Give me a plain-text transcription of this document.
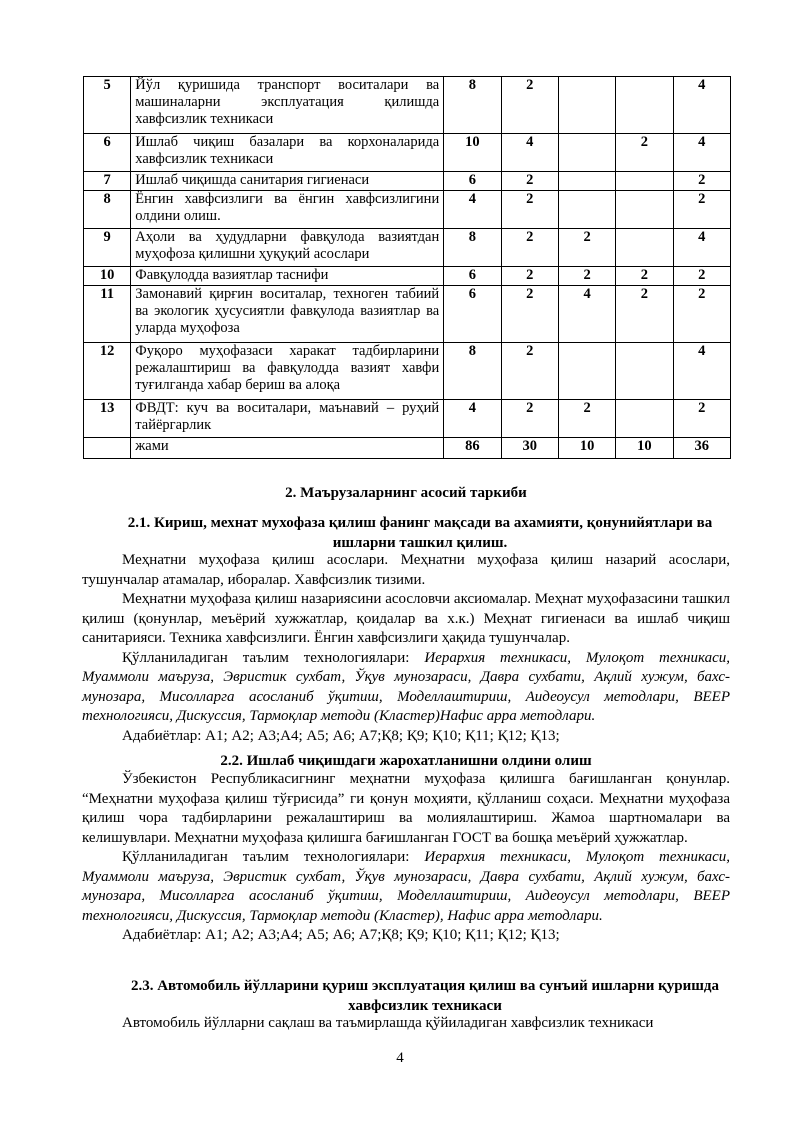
5	Йўл қуришида транспорт воситалари ва машиналарни эксплуатация қилишда хавфсизлик техникаси	8	2			4
6	Ишлаб чиқиш базалари ва корхоналарида хавфсизлик техникаси	10	4		2	4
7	Ишлаб чиқишда санитария гигиенаси	6	2			2
8	Ёнгин хавфсизлиги ва ёнгин хавфсизлигини олдини олиш.	4	2			2
9	Аҳоли ва ҳудудларни фавқулода вазиятдан муҳофоза қилишни ҳуқуқий асослари	8	2	2		4
10	Фавқулодда вазиятлар таснифи	6	2	2	2	2
11	Замонавий қирғин воситалар, техноген табиий ва экологик ҳусусиятли фавқулода вазиятлар ва уларда муҳофоза	6	2	4	2	2
12	Фуқоро муҳофазаси харакат тадбирларини режалаштириш ва фавқулодда вазият хавфи туғилганда хабар бериш ва алоқа	8	2			4
13	ФВДТ: куч ва воситалари, маънавий – руҳий тайёргарлик	4	2	2		2
	жами	86	30	10	10	36
2. Маърузаларнинг асосий таркиби
2.1. Кириш, мехнат мухофаза қилиш фанинг мақсади ва ахамияти, қонунийятлари ва ишларни ташкил қилиш.

Меҳнатни муҳофаза қилиш асослари. Меҳнатни муҳофаза қилиш назарий асослари, тушунчалар атамалар, иборалар. Хавфсизлик тизими.

Меҳнатни муҳофаза қилиш назариясини асословчи аксиомалар. Меҳнат муҳофазасини ташкил қилиш (қонунлар, меъёрий хужжатлар, қоидалар ва х.к.) Меҳнат гигиенаси ва ишлаб чиқиш санитарияси. Техника хавфсизлиги. Ёнгин хавфсизлиги ҳақида тушунчалар.

Қўлланиладиган таълим технологиялари: Иерархия техникаси, Мулоқот техникаси, Муаммоли маъруза, Эвристик сухбат, Ўқув мунозараси, Давра сухбати, Ақлий хужум, бахс-мунозара, Мисолларга асосланиб ўқитиш, Моделлаштириш, Аидеоусул методлари, BEEP технологияси, Дискуссия, Тармоқлар методи (Кластер)Нафис арра методлари.

Адабиётлар: А1; А2; А3;А4; А5; А6; А7;Қ8; Қ9; Қ10; Қ11; Қ12; Қ13;

2.2. Ишлаб чиқишдаги жарохатланишни олдини олиш

Ўзбекистон Республикасигнинг меҳнатни муҳофаза қилишга бағишланган қонунлар. “Меҳнатни муҳофаза қилиш тўғрисида” ги қонун моҳияти, қўлланиш соҳаси. Меҳнатни муҳофаза қилиш чора тадбирларини режалаштириш ва молиялаштириш. Жамоа шартномалари ва келишувлари. Меҳнатни муҳофаза қилишга бағишланган ГОСТ ва бошқа меъёрий ҳужжатлар.

Қўлланиладиган таълим технологиялари: Иерархия техникаси, Мулоқот техникаси, Муаммоли маъруза, Эвристик сухбат, Ўқув мунозараси, Давра сухбати, Ақлий хужум, бахс-мунозара, Мисолларга асосланиб ўқитиш, Моделлаштириш, Аидеоусул методлари, BEEP технологияси, Дискуссия, Тармоқлар методи (Кластер), Нафис арра методлари.

Адабиётлар: А1; А2; А3;А4; А5; А6; А7;Қ8; Қ9; Қ10; Қ11; Қ12; Қ13;

2.3. Автомобиль йўлларини қуриш эксплуатация қилиш ва сунъий ишларни қуришда хавфсизлик техникаси

Автомобиль йўлларни сақлаш ва таъмирлашда қўйиладиган хавфсизлик техникаси

4
